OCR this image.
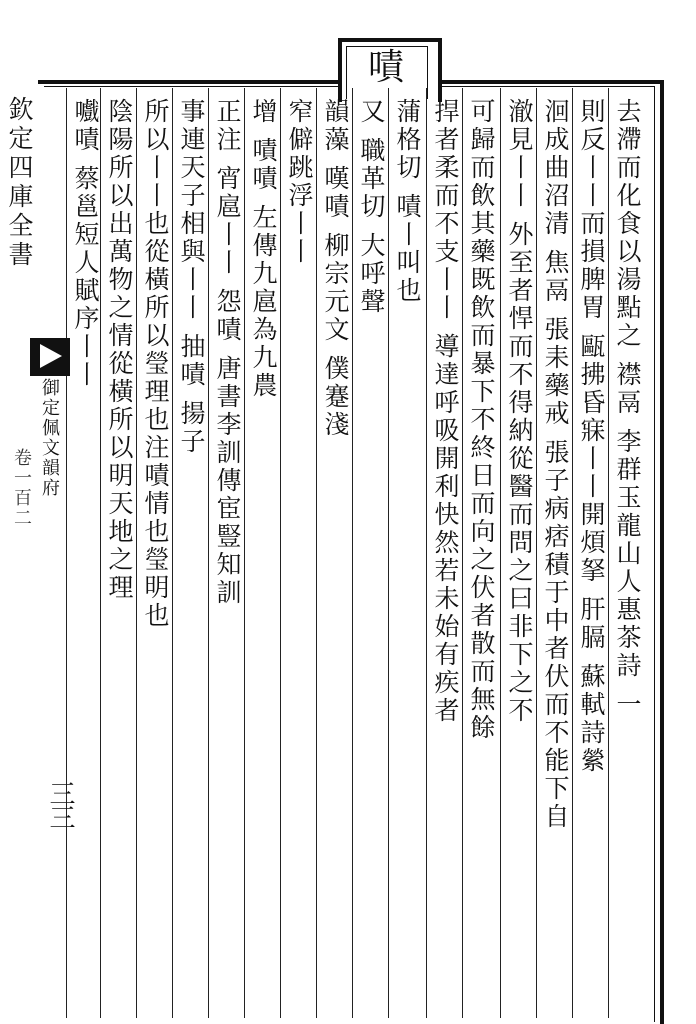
嘖
去滯而化食以湯點之 襟鬲 李群玉龍山人惠茶詩 一
則反丨丨而損脾胃 甌拂昏寐丨丨開煩拏 肝膈 蘇軾詩縈
洄成曲沼清 焦鬲 張耒藥戒 張子病痞積于中者伏而不能下自
澈見丨丨 外至者悍而不得納從醫而問之曰非下之不
可歸而飲其藥既飲而暴下不終日而向之伏者散而無餘
捍者柔而不支丨丨 導達呼吸開利快然若未始有疾者
蒲格切 嘖丨叫也
又 職革切 大呼聲
韻藻 嘆嘖 柳宗元文 僕蹇淺
窄僻跳浮丨丨
增 嘖嘖 左傳九扈為九農
正注 宵扈丨丨 怨嘖 唐書李訓傳宦豎知訓
事連天子相與丨丨 抽嘖 揚子
所以丨丨也從橫所以瑩理也注嘖情也瑩明也
陰陽所以出萬物之情從橫所以明天地之理
嚱嘖 蔡邕短人賦序丨丨
欽定四庫全書
御定佩文韻府
卷一百二
三三
